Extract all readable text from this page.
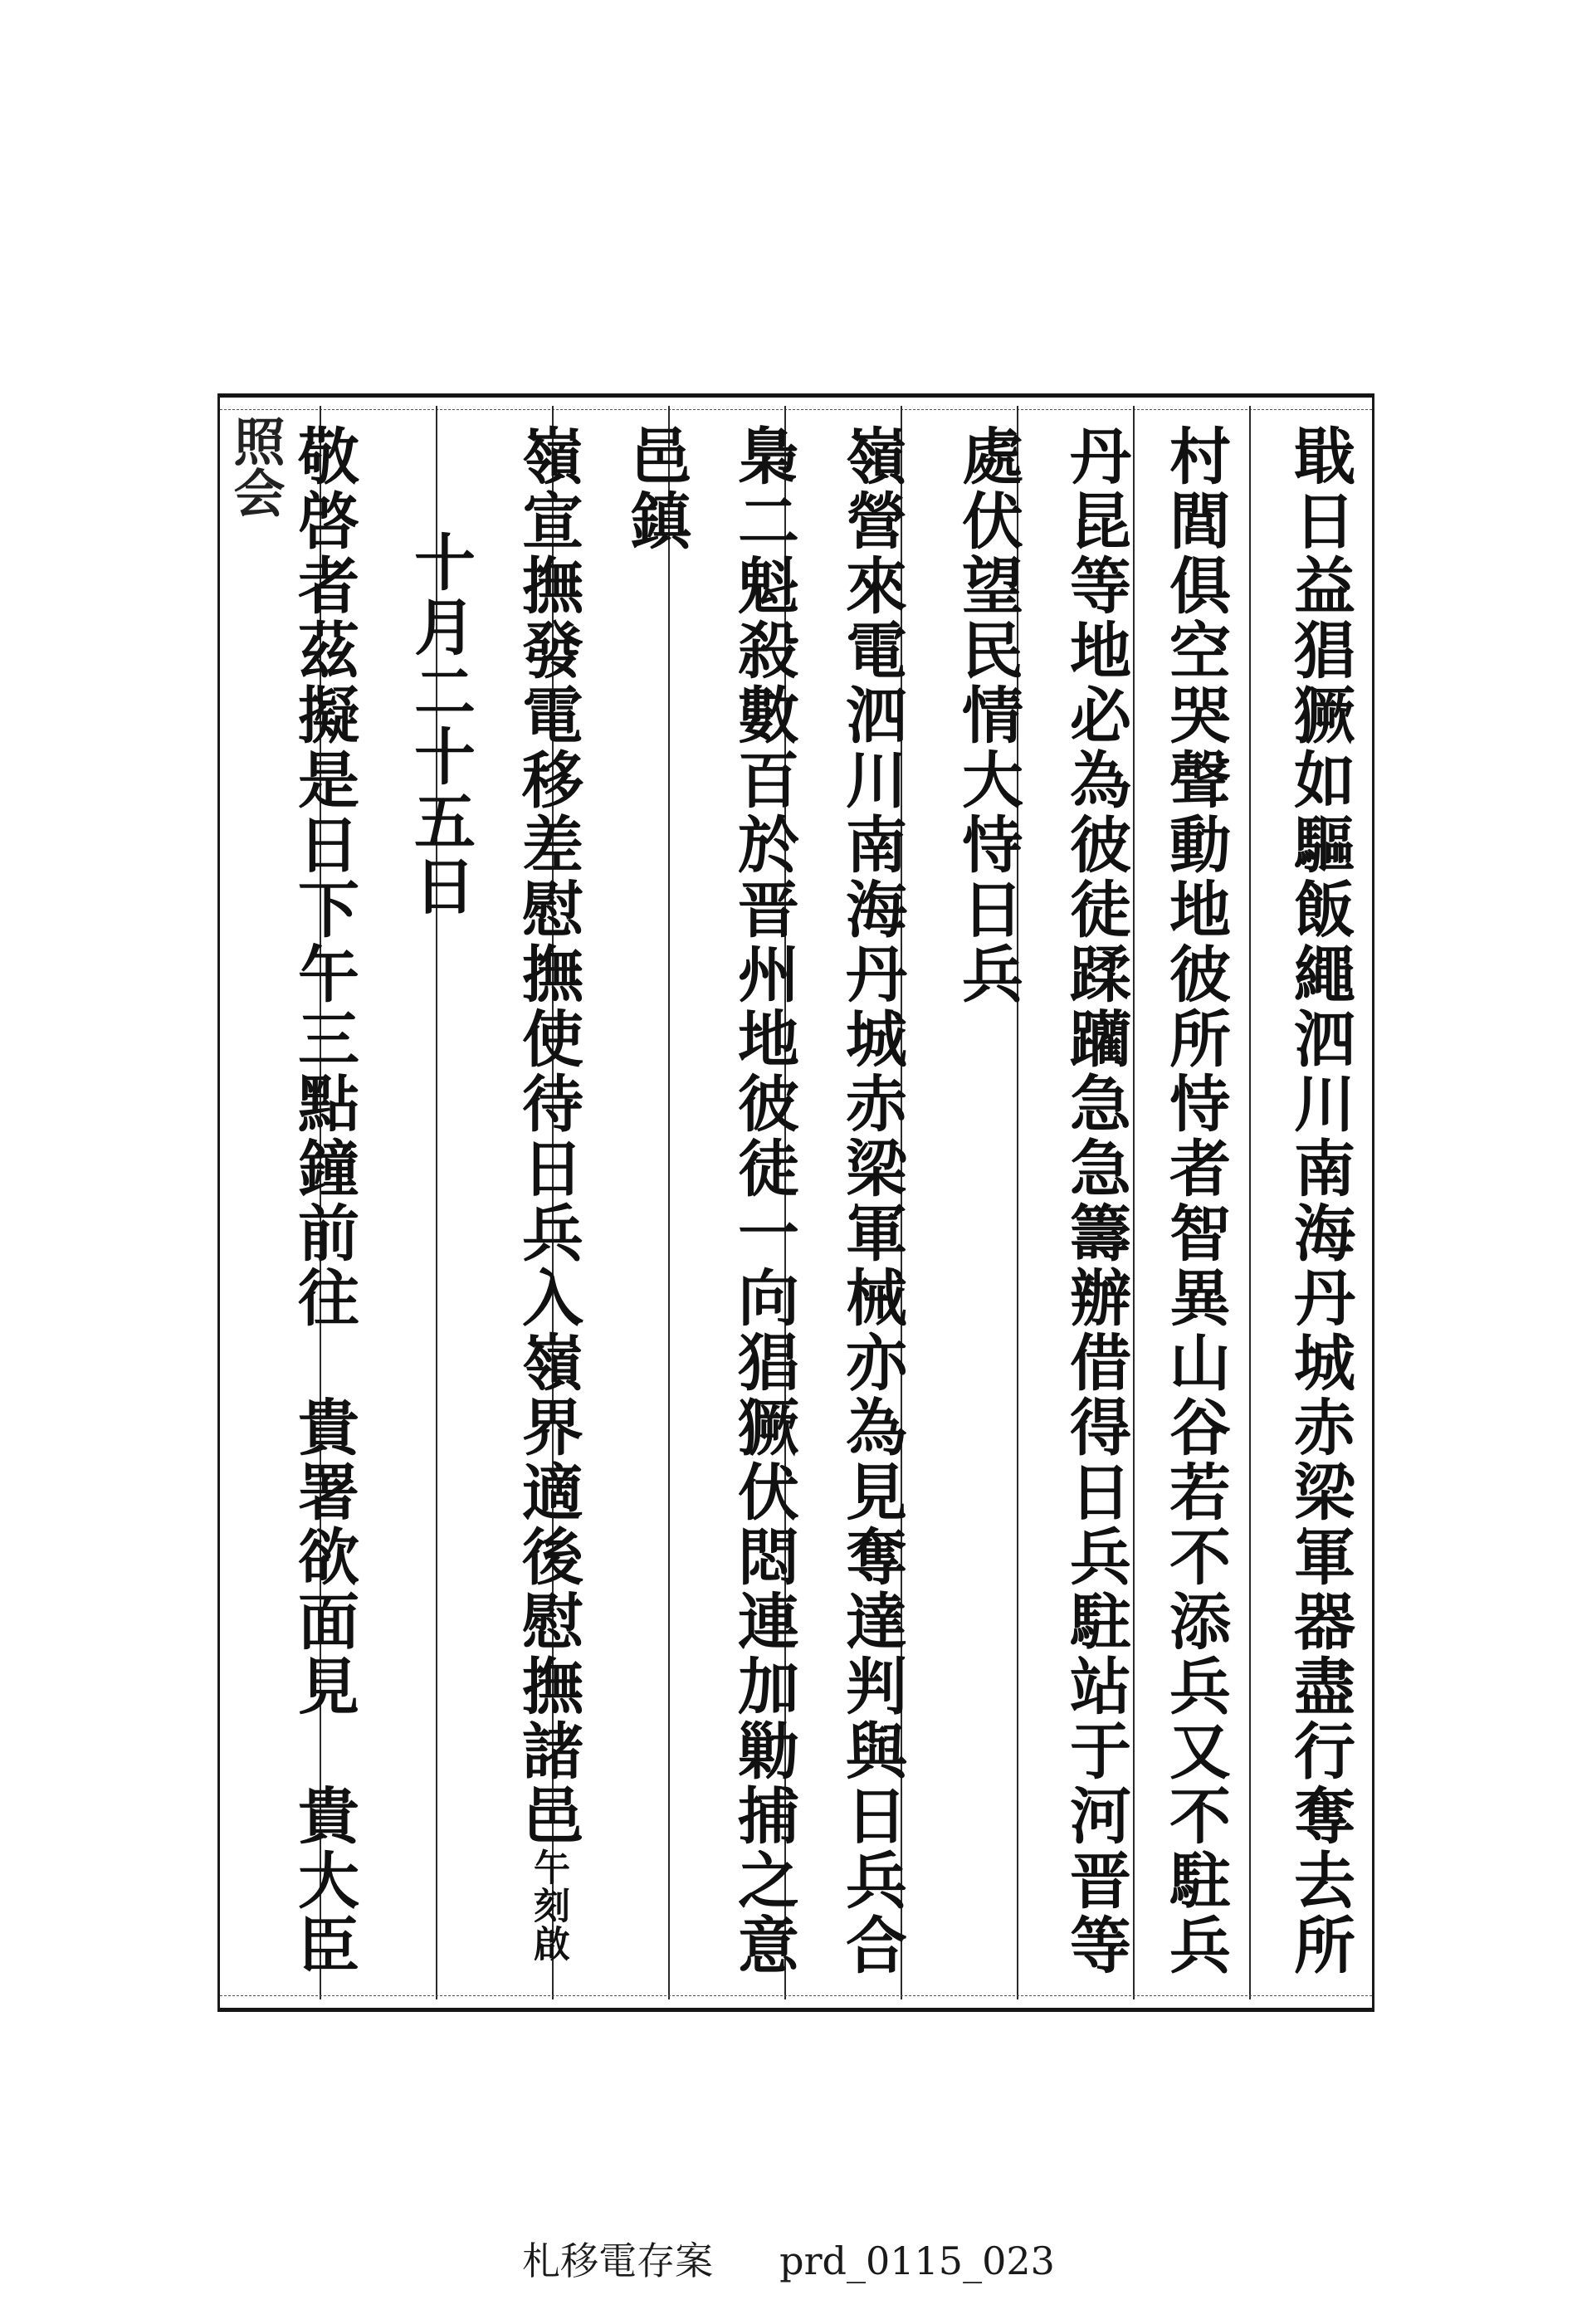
照会	戢日益猖獗如驅飯繩泗川南海丹城赤梁軍器盡行奪去所
村閭俱空哭聲動地彼所恃者智異山谷若不添兵又不駐兵
丹昆等地必為彼徒蹂躪急急籌辦借得日兵駐站于河晋等
處伏望民情大恃日兵
嶺營來電泗川南海丹城赤梁軍械亦為見奪達判與日兵合
梟二魁殺數百於晋州地彼徒一向猖獗伏悶連加勦捕之意
邑鎮
嶺宣撫發電移差慰撫使待日兵入嶺界適後慰撫諸邑午刻啟
十月二十五日
敬啓者茲擬是日下午三點鐘前往　貴署欲面見　貴大臣
札移電存案 prd_0115_023
